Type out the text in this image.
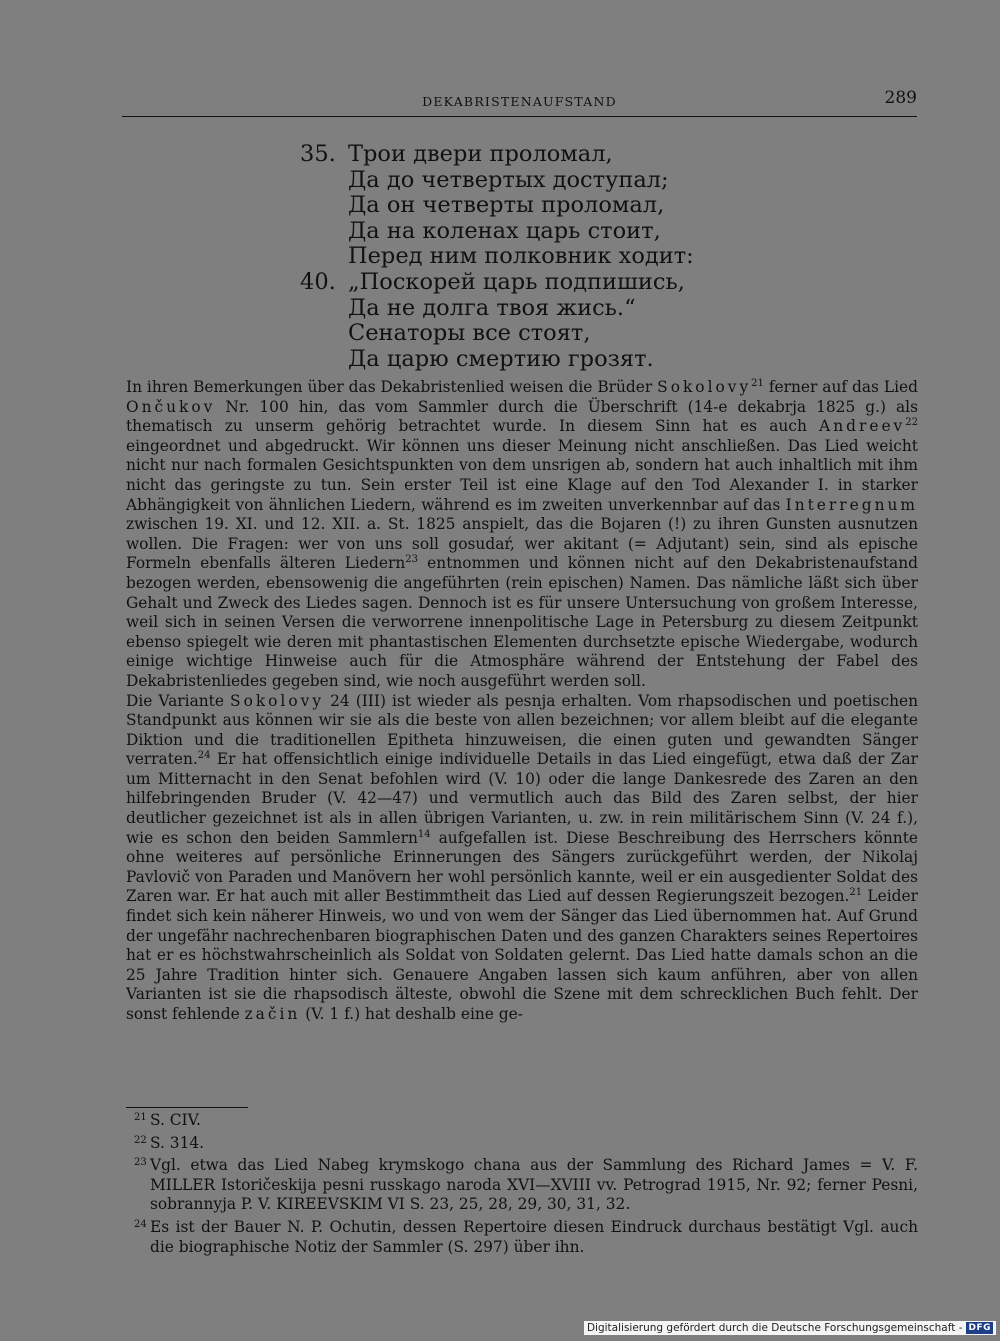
DEKABRISTENAUFSTAND	289
35. Трои двери проломал,
Да до четвертых доступал;
Да он четверты проломал,
Да на коленах царь стоит,
Перед ним полковник ходит:
40. „Поскорей царь подпишись,
Да не долга твоя жись.“
Сенаторы все стоят,
Да царю смертию грозят.

In ihren Bemerkungen über das Dekabristenlied weisen die Brüder Sokolovy$^{21}$ ferner auf das Lied Ončukov Nr. 100 hin, das vom Sammler durch die Überschrift (14-e dekabrja 1825 g.) als thematisch zu unserm gehörig betrachtet wurde. In diesem Sinn hat es auch Andreev$^{22}$ eingeordnet und abgedruckt. Wir können uns dieser Meinung nicht anschließen. Das Lied weicht nicht nur nach formalen Gesichtspunkten von dem unsrigen ab, sondern hat auch inhaltlich mit ihm nicht das geringste zu tun. Sein erster Teil ist eine Klage auf den Tod Alexander I. in starker Abhängigkeit von ähnlichen Liedern, während es im zweiten unverkennbar auf das Interregnum zwischen 19. XI. und 12. XII. a. St. 1825 anspielt, das die Bojaren (!) zu ihren Gunsten ausnutzen wollen. Die Fragen: wer von uns soll gosudaŕ, wer akitant (= Adjutant) sein, sind als epische Formeln ebenfalls älteren Liedern$^{23}$ entnommen und können nicht auf den Dekabristenaufstand bezogen werden, ebensowenig die angeführten (rein epischen) Namen. Das nämliche läßt sich über Gehalt und Zweck des Liedes sagen. Dennoch ist es für unsere Untersuchung von großem Interesse, weil sich in seinen Versen die verworrene innenpolitische Lage in Petersburg zu diesem Zeitpunkt ebenso spiegelt wie deren mit phantastischen Elementen durchsetzte epische Wiedergabe, wodurch einige wichtige Hinweise auch für die Atmosphäre während der Entstehung der Fabel des Dekabristenliedes gegeben sind, wie noch ausgeführt werden soll.

Die Variante Sokolovy 24 (III) ist wieder als pesnja erhalten. Vom rhapsodischen und poetischen Standpunkt aus können wir sie als die beste von allen bezeichnen; vor allem bleibt auf die elegante Diktion und die traditionellen Epitheta hinzuweisen, die einen guten und gewandten Sänger verraten.$^{24}$ Er hat offensichtlich einige individuelle Details in das Lied eingefügt, etwa daß der Zar um Mitternacht in den Senat befohlen wird (V. 10) oder die lange Dankesrede des Zaren an den hilfebringenden Bruder (V. 42—47) und vermutlich auch das Bild des Zaren selbst, der hier deutlicher gezeichnet ist als in allen übrigen Varianten, u. zw. in rein militärischem Sinn (V. 24 f.), wie es schon den beiden Sammlern$^{14}$ aufgefallen ist. Diese Beschreibung des Herrschers könnte ohne weiteres auf persönliche Erinnerungen des Sängers zurückgeführt werden, der Nikolaj Pavlovič von Paraden und Manövern her wohl persönlich kannte, weil er ein ausgedienter Soldat des Zaren war. Er hat auch mit aller Bestimmtheit das Lied auf dessen Regierungszeit bezogen.$^{21}$ Leider findet sich kein näherer Hinweis, wo und von wem der Sänger das Lied übernommen hat. Auf Grund der ungefähr nachrechenbaren biographischen Daten und des ganzen Charakters seines Repertoires hat er es höchstwahrscheinlich als Soldat von Soldaten gelernt. Das Lied hatte damals schon an die 25 Jahre Tradition hinter sich. Genauere Angaben lassen sich kaum anführen, aber von allen Varianten ist sie die rhapsodisch älteste, obwohl die Szene mit dem schrecklichen Buch fehlt. Der sonst fehlende začin (V. 1 f.) hat deshalb eine ge-

21 S. CIV.
22 S. 314.
23 Vgl. etwa das Lied Nabeg krymskogo chana aus der Sammlung des Richard James = V. F. MILLER Istoričeskija pesni russkago naroda XVI—XVIII vv. Petrograd 1915, Nr. 92; ferner Pesni, sobrannyja P. V. KIREEVSKIM VI S. 23, 25, 28, 29, 30, 31, 32.
24 Es ist der Bauer N. P. Ochutin, dessen Repertoire diesen Eindruck durchaus bestätigt Vgl. auch die biographische Notiz der Sammler (S. 297) über ihn.
Digitalisierung gefördert durch die Deutsche Forschungsgemeinschaft - DFG
